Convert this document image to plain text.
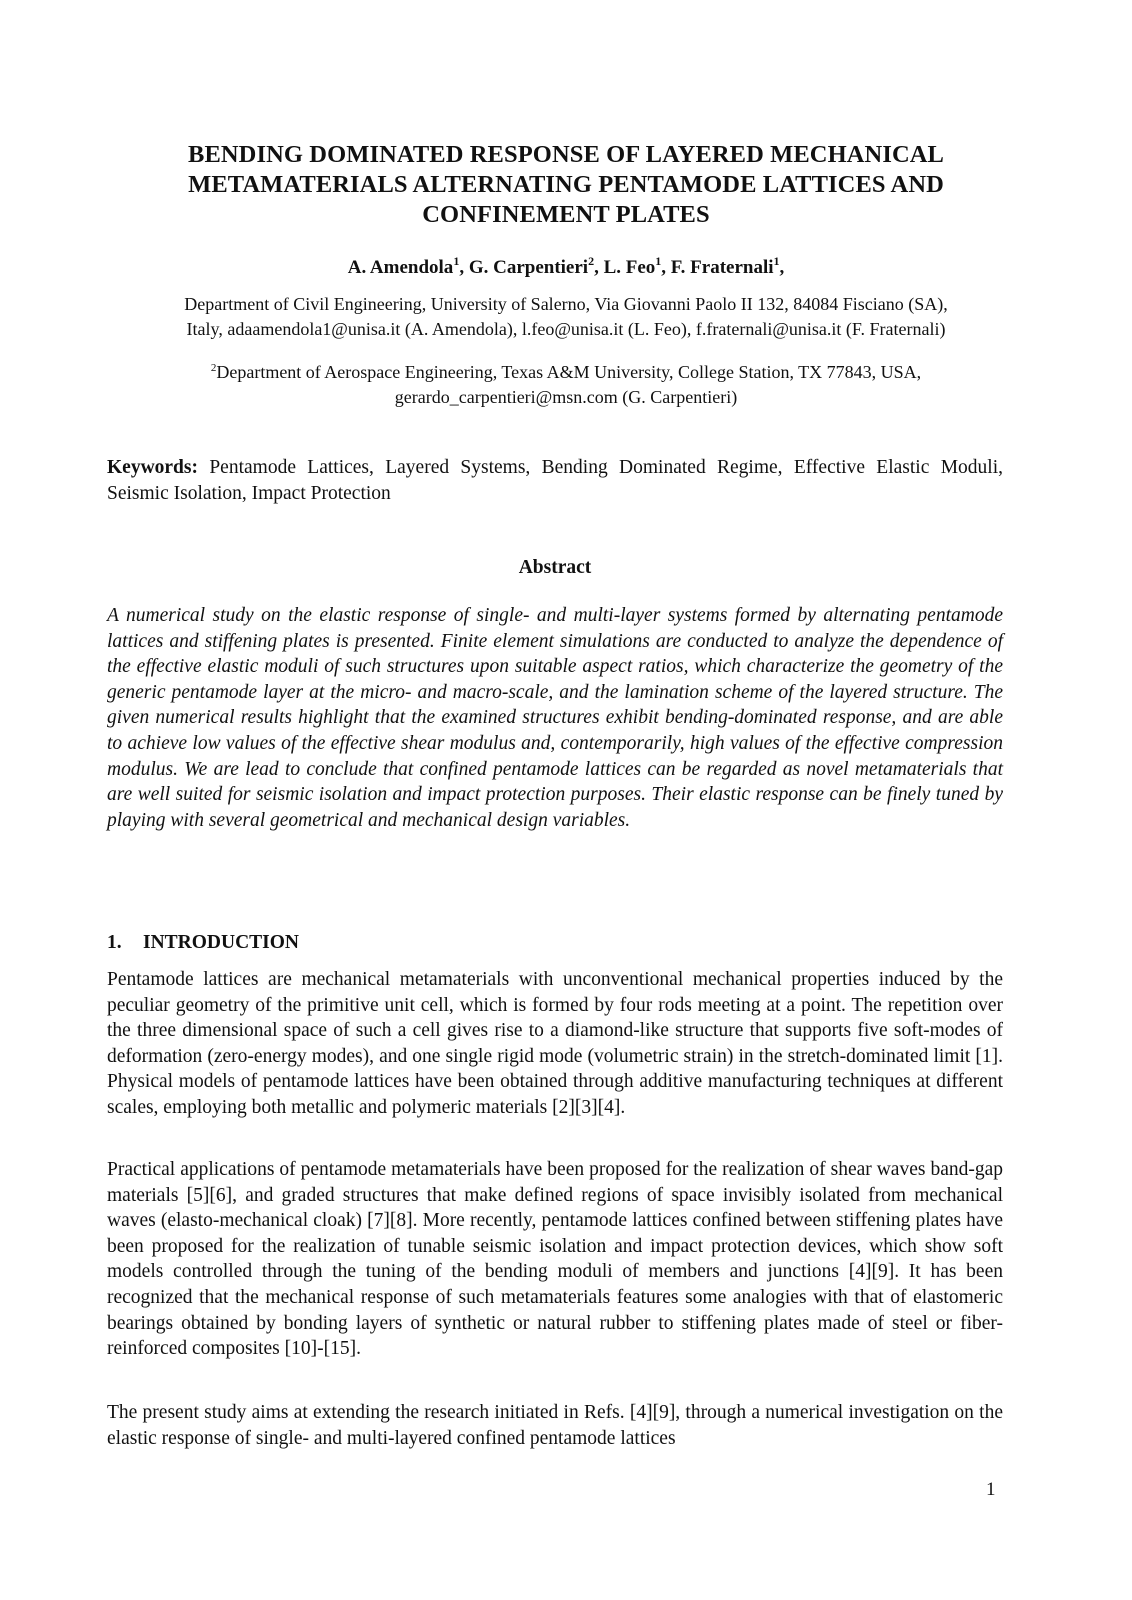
BENDING DOMINATED RESPONSE OF LAYERED MECHANICAL
METAMATERIALS ALTERNATING PENTAMODE LATTICES AND
CONFINEMENT PLATES
A. Amendola$^1$, G. Carpentieri$^2$, L. Feo$^1$, F. Fraternali$^1$,
Department of Civil Engineering, University of Salerno, Via Giovanni Paolo II 132, 84084 Fisciano (SA),
Italy, adaamendola1@unisa.it (A. Amendola), l.feo@unisa.it (L. Feo), f.fraternali@unisa.it (F. Fraternali)
$^2$Department of Aerospace Engineering, Texas A&M University, College Station, TX 77843, USA,
gerardo_carpentieri@msn.com (G. Carpentieri)

Keywords: Pentamode Lattices, Layered Systems, Bending Dominated Regime, Effective Elastic Moduli, Seismic Isolation, Impact Protection

Abstract

A numerical study on the elastic response of single- and multi-layer systems formed by alternating pentamode lattices and stiffening plates is presented. Finite element simulations are conducted to analyze the dependence of the effective elastic moduli of such structures upon suitable aspect ratios, which characterize the geometry of the generic pentamode layer at the micro- and macro-scale, and the lamination scheme of the layered structure. The given numerical results highlight that the examined structures exhibit bending-dominated response, and are able to achieve low values of the effective shear modulus and, contemporarily, high values of the effective compression modulus. We are lead to conclude that confined pentamode lattices can be regarded as novel metamaterials that are well suited for seismic isolation and impact protection purposes. Their elastic response can be finely tuned by playing with several geometrical and mechanical design variables.

1. INTRODUCTION

Pentamode lattices are mechanical metamaterials with unconventional mechanical properties induced by the peculiar geometry of the primitive unit cell, which is formed by four rods meeting at a point. The repetition over the three dimensional space of such a cell gives rise to a diamond-like structure that supports five soft-modes of deformation (zero-energy modes), and one single rigid mode (volumetric strain) in the stretch-dominated limit [1]. Physical models of pentamode lattices have been obtained through additive manufacturing techniques at different scales, employing both metallic and polymeric materials [2][3][4].

Practical applications of pentamode metamaterials have been proposed for the realization of shear waves band-gap materials [5][6], and graded structures that make defined regions of space invisibly isolated from mechanical waves (elasto-mechanical cloak) [7][8]. More recently, pentamode lattices confined between stiffening plates have been proposed for the realization of tunable seismic isolation and impact protection devices, which show soft models controlled through the tuning of the bending moduli of members and junctions [4][9]. It has been recognized that the mechanical response of such metamaterials features some analogies with that of elastomeric bearings obtained by bonding layers of synthetic or natural rubber to stiffening plates made of steel or fiber-reinforced composites [10]-[15].

The present study aims at extending the research initiated in Refs. [4][9], through a numerical investigation on the elastic response of single- and multi-layered confined pentamode lattices

1
